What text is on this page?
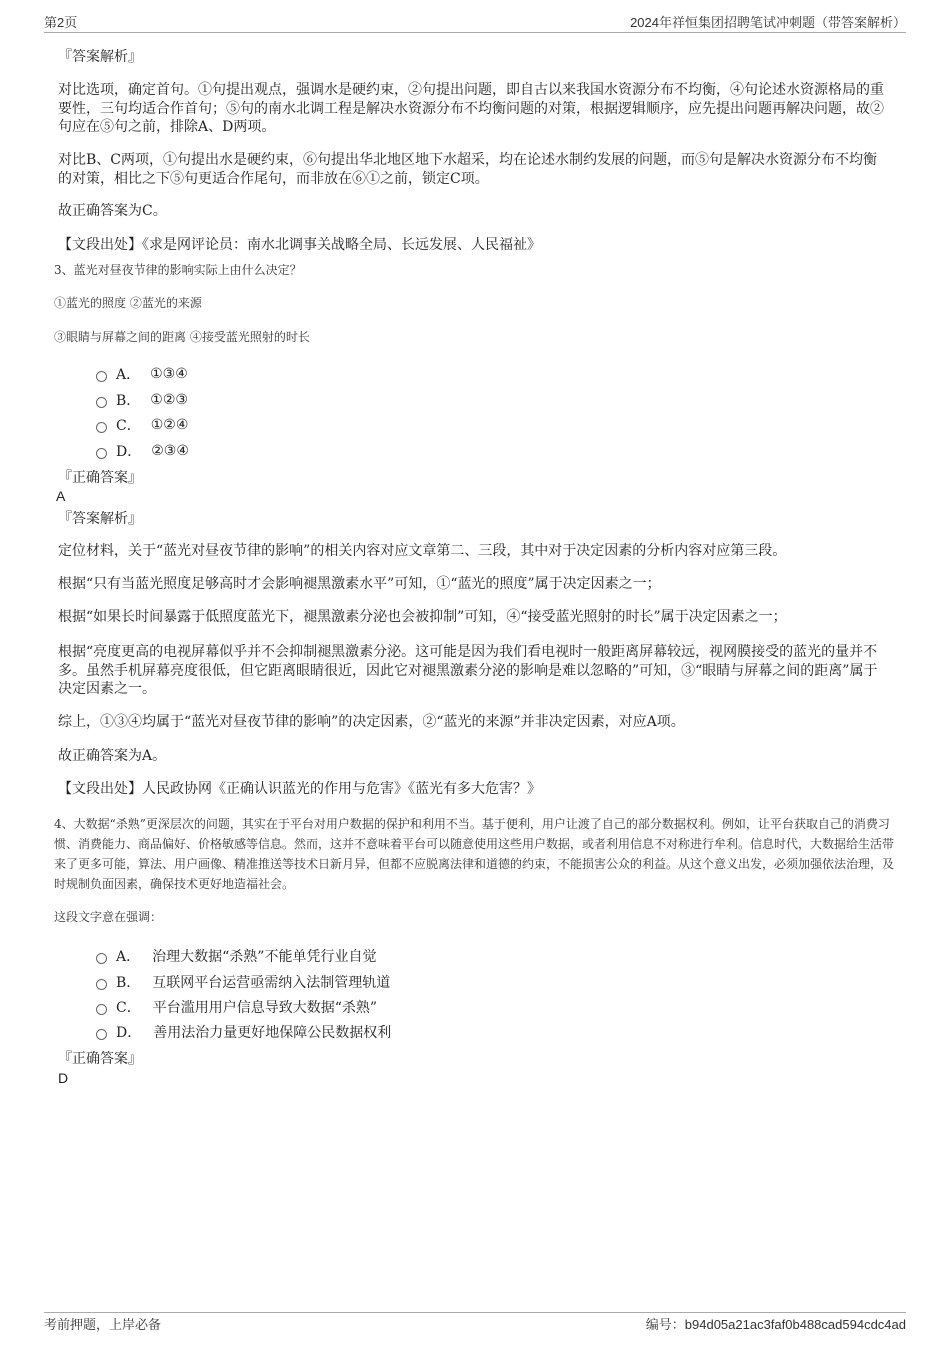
第2页	2024年祥恒集团招聘笔试冲刺题（带答案解析）
『答案解析』
对比选项，确定首句。①句提出观点，强调水是硬约束，②句提出问题，即自古以来我国水资源分布不均衡，④句论述水资源格局的重要性，三句均适合作首句；⑤句的南水北调工程是解决水资源分布不均衡问题的对策，根据逻辑顺序，应先提出问题再解决问题，故②句应在⑤句之前，排除A、D两项。
对比B、C两项，①句提出水是硬约束，⑥句提出华北地区地下水超采，均在论述水制约发展的问题，而⑤句是解决水资源分布不均衡的对策，相比之下⑤句更适合作尾句，而非放在⑥①之前，锁定C项。
故正确答案为C。
【文段出处】《求是网评论员：南水北调事关战略全局、长远发展、人民福祉》
3、蓝光对昼夜节律的影响实际上由什么决定？
①蓝光的照度 ②蓝光的来源
③眼睛与屏幕之间的距离 ④接受蓝光照射的时长
A． ①③④
B． ①②③
C． ①②④
D． ②③④
『正确答案』
A
『答案解析』
定位材料，关于“蓝光对昼夜节律的影响”的相关内容对应文章第二、三段，其中对于决定因素的分析内容对应第三段。
根据“只有当蓝光照度足够高时才会影响褪黑激素水平”可知，①“蓝光的照度”属于决定因素之一；
根据“如果长时间暴露于低照度蓝光下，褪黑激素分泌也会被抑制”可知，④“接受蓝光照射的时长”属于决定因素之一；
根据“亮度更高的电视屏幕似乎并不会抑制褪黑激素分泌。这可能是因为我们看电视时一般距离屏幕较远，视网膜接受的蓝光的量并不多。虽然手机屏幕亮度很低，但它距离眼睛很近，因此它对褪黑激素分泌的影响是难以忽略的”可知，③“眼睛与屏幕之间的距离”属于决定因素之一。
综上，①③④均属于“蓝光对昼夜节律的影响”的决定因素，②“蓝光的来源”并非决定因素，对应A项。
故正确答案为A。
【文段出处】人民政协网《正确认识蓝光的作用与危害》《蓝光有多大危害？》
4、大数据“杀熟”更深层次的问题，其实在于平台对用户数据的保护和利用不当。基于便利，用户让渡了自己的部分数据权利。例如，让平台获取自己的消费习惯、消费能力、商品偏好、价格敏感等信息。然而，这并不意味着平台可以随意使用这些用户数据，或者利用信息不对称进行牟利。信息时代，大数据给生活带来了更多可能，算法、用户画像、精准推送等技术日新月异，但都不应脱离法律和道德的约束，不能损害公众的利益。从这个意义出发，必须加强依法治理，及时规制负面因素，确保技术更好地造福社会。
这段文字意在强调：
A． 治理大数据“杀熟”不能单凭行业自觉
B． 互联网平台运营亟需纳入法制管理轨道
C． 平台滥用用户信息导致大数据“杀熟”
D． 善用法治力量更好地保障公民数据权利
『正确答案』
D
考前押题，上岸必备	编号：b94d05a21ac3faf0b488cad594cdc4ad
